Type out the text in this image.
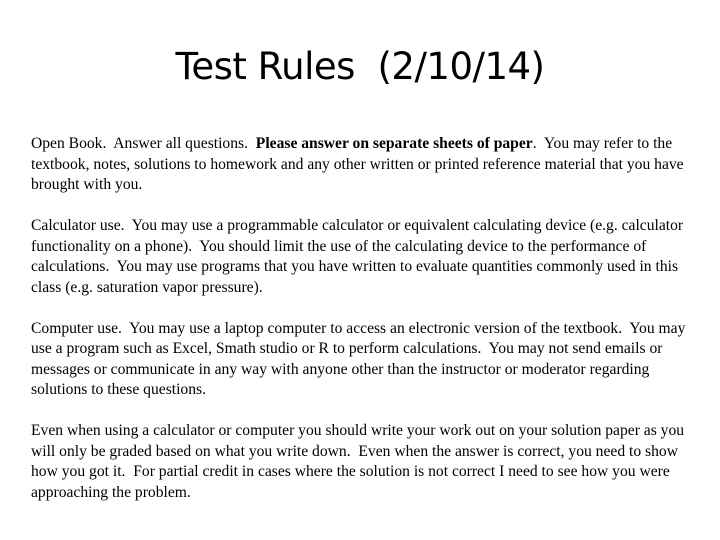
Test Rules  (2/10/14)

Open Book.  Answer all questions.  Please answer on separate sheets of paper.  You may refer to the textbook, notes, solutions to homework and any other written or printed reference material that you have brought with you.

Calculator use.  You may use a programmable calculator or equivalent calculating device (e.g. calculator functionality on a phone).  You should limit the use of the calculating device to the performance of calculations.  You may use programs that you have written to evaluate quantities commonly used in this class (e.g. saturation vapor pressure).

Computer use.  You may use a laptop computer to access an electronic version of the textbook.  You may use a program such as Excel, Smath studio or R to perform calculations.  You may not send emails or messages or communicate in any way with anyone other than the instructor or moderator regarding solutions to these questions.

Even when using a calculator or computer you should write your work out on your solution paper as you will only be graded based on what you write down.  Even when the answer is correct, you need to show how you got it.  For partial credit in cases where the solution is not correct I need to see how you were approaching the problem.
